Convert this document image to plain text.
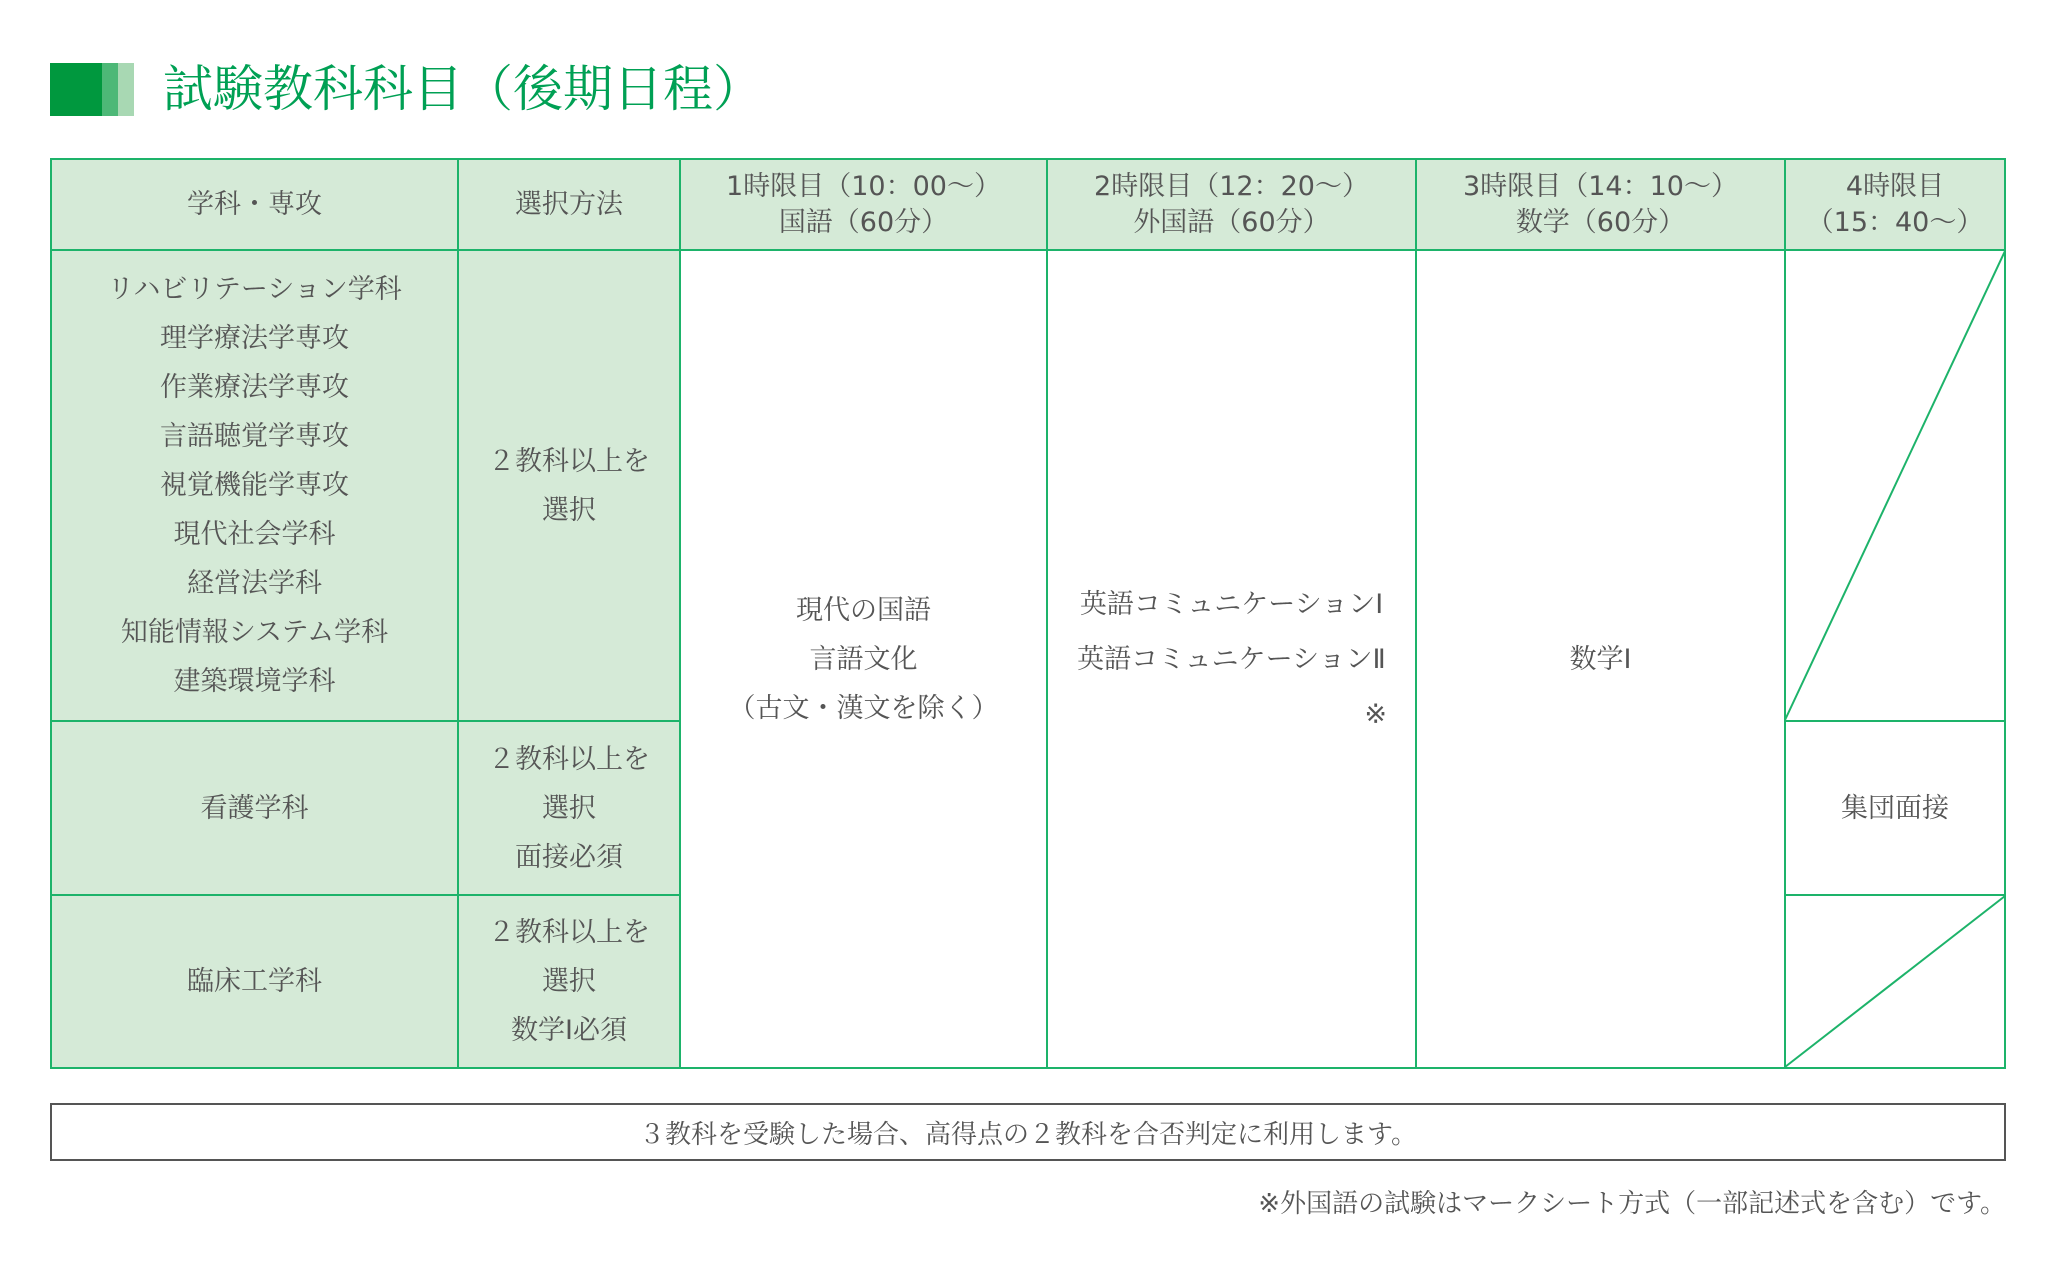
試験教科科目（後期日程）
学科・専攻	選択方法
1時限目（10：00～）
国語（60分）
2時限目（12：20～）
外国語（60分）
3時限目（14：10～）
数学（60分）
4時限目
（15：40～）
リハビリテーション学科
理学療法学専攻
作業療法学専攻
言語聴覚学専攻
視覚機能学専攻
現代社会学科
経営法学科
知能情報システム学科
建築環境学科
２教科以上を
選択
看護学科
２教科以上を
選択
面接必須
臨床工学科
２教科以上を
選択
数学Ⅰ必須
現代の国語
言語文化
（古文・漢文を除く）
英語コミュニケーションⅠ
英語コミュニケーションⅡ
※
数学Ⅰ
集団面接
３教科を受験した場合、高得点の２教科を合否判定に利用します。
※外国語の試験はマークシート方式（一部記述式を含む）です。
